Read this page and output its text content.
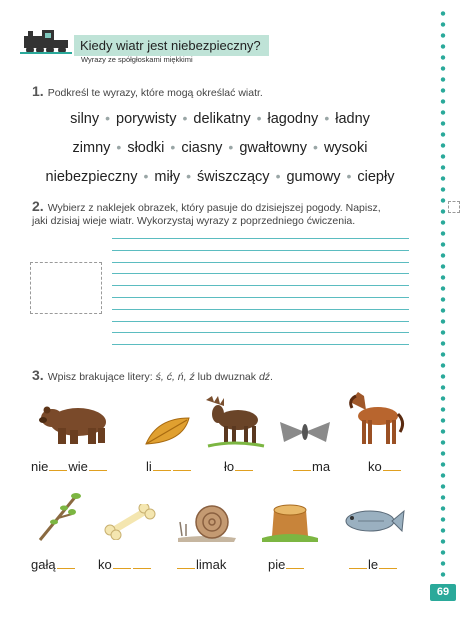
69
Kiedy wiatr jest niebezpieczny?
Wyrazy ze spółgłoskami miękkimi
1. Podkreśl te wyrazy, które mogą określać wiatr.
silny • porywisty • delikatny • łagodny • ładny
zimny • słodki • ciasny • gwałtowny • wysoki
niebezpieczny • miły • świszczący • gumowy • ciepły
2. Wybierz z naklejek obrazek, który pasuje do dzisiejszej pogody. Napisz,
jaki dzisiaj wieje wiatr. Wykorzystaj wyrazy z poprzedniego ćwiczenia.
3. Wpisz brakujące litery: ś, ć, ń, ź lub dwuznak dź.
nie wie	li	ło	ma	ko
gałą	ko	limak	pie	le
